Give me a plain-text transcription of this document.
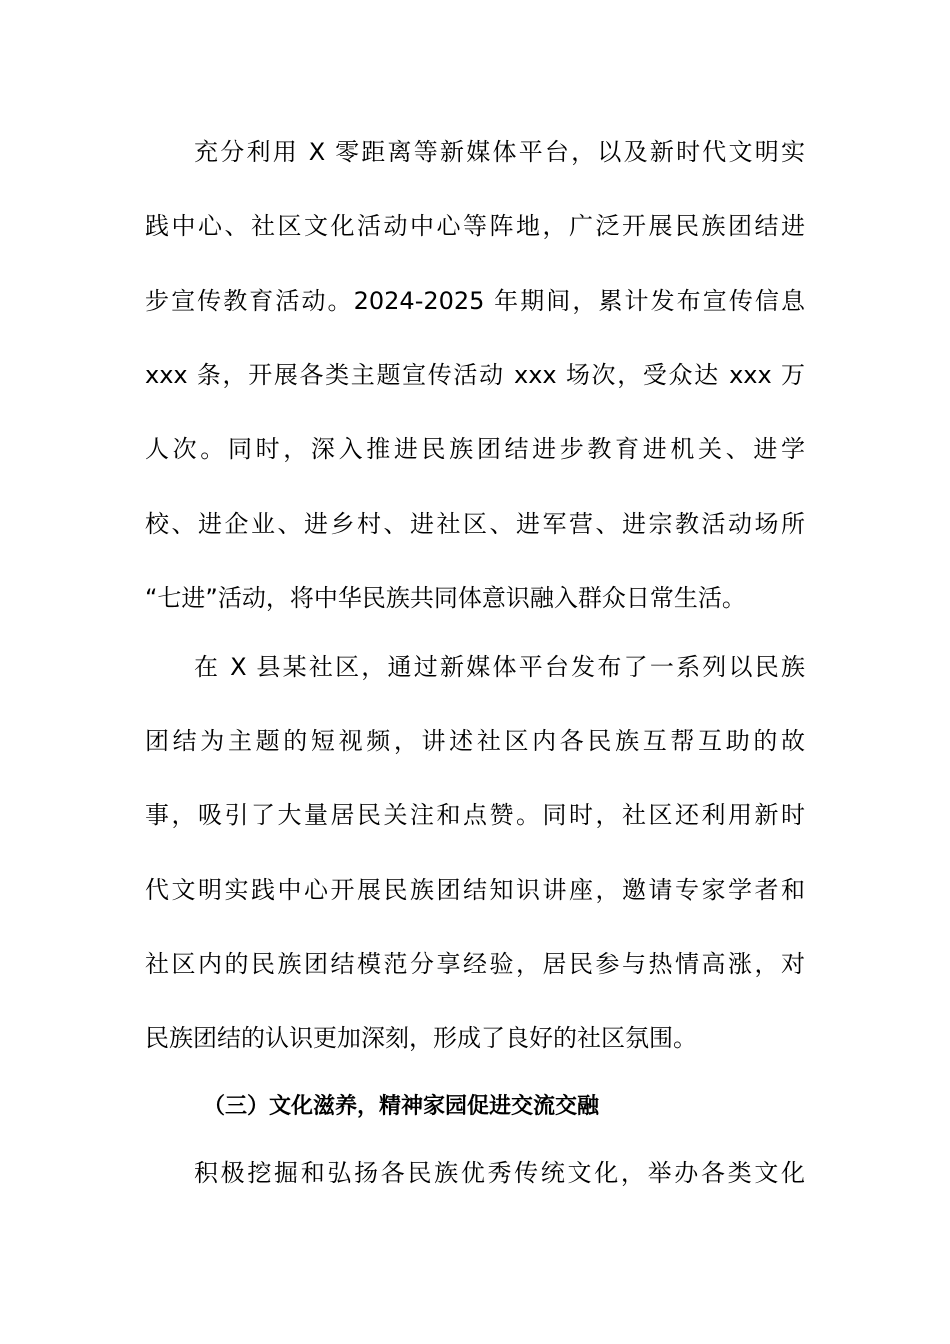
充分利用 X 零距离等新媒体平台，以及新时代文明实
践中心、社区文化活动中心等阵地，广泛开展民族团结进
步宣传教育活动。2024-2025 年期间，累计发布宣传信息
xxx 条，开展各类主题宣传活动 xxx 场次，受众达 xxx 万
人次。同时，深入推进民族团结进步教育进机关、进学
校、进企业、进乡村、进社区、进军营、进宗教活动场所
“七进”活动，将中华民族共同体意识融入群众日常生活。
在 X 县某社区，通过新媒体平台发布了一系列以民族
团结为主题的短视频，讲述社区内各民族互帮互助的故
事，吸引了大量居民关注和点赞。同时，社区还利用新时
代文明实践中心开展民族团结知识讲座，邀请专家学者和
社区内的民族团结模范分享经验，居民参与热情高涨，对
民族团结的认识更加深刻，形成了良好的社区氛围。
（三）文化滋养，精神家园促进交流交融
积极挖掘和弘扬各民族优秀传统文化，举办各类文化
